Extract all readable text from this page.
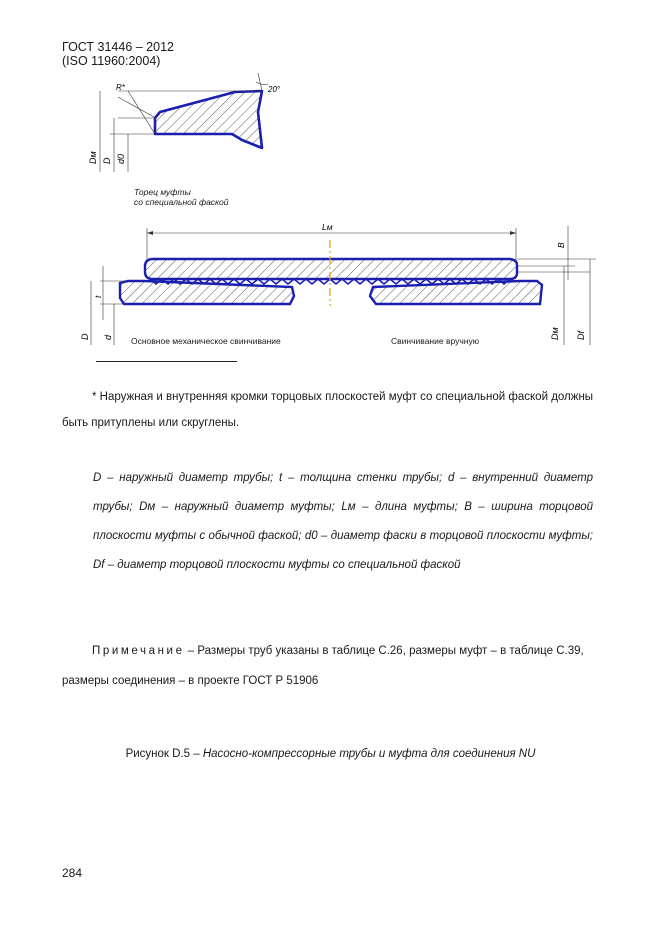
ГОСТ 31446 – 2012
(ISO 11960:2004)
R*	20°
Dм D d0
Lм
t
D d
B
Dм Df
Торец муфты
со специальной фаской
Основное механическое свинчивание	Свинчивание вручную
* Наружная и внутренняя кромки торцовых плоскостей муфт со специальной фаской должны быть притуплены или скруглены.
D – наружный диаметр трубы; t – толщина стенки трубы; d – внутренний диаметр трубы; Dм – наружный диаметр муфты; Lм – длина муфты; B – ширина торцовой плоскости муфты с обычной фаской; d0 – диаметр фаски в торцовой плоскости муфты; Df – диаметр торцовой плоскости муфты со специальной фаской
Примечание – Размеры труб указаны в таблице С.26, размеры муфт – в таблице С.39, размеры соединения – в проекте ГОСТ Р 51906
Рисунок D.5 – Насосно-компрессорные трубы и муфта для соединения NU
284
